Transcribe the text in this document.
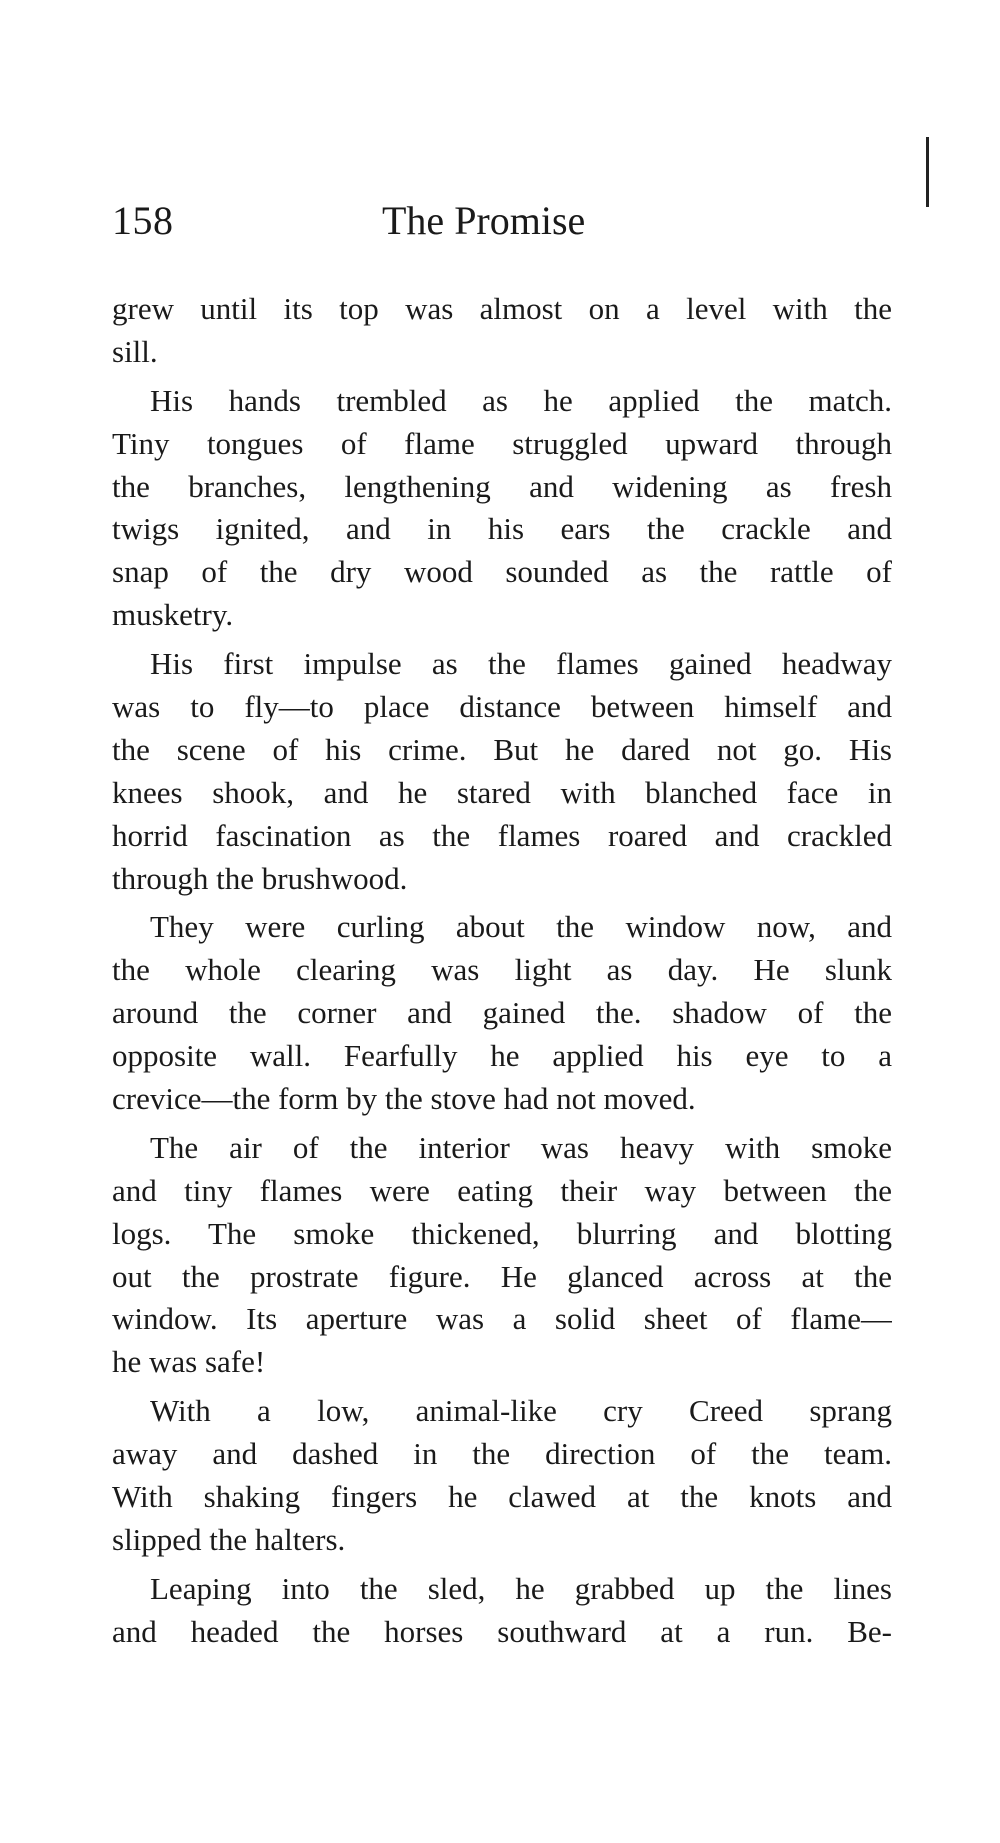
158	The Promise
grew until its top was almost on a level with the
sill.
His hands trembled as he applied the match.
Tiny tongues of flame struggled upward through
the branches, lengthening and widening as fresh
twigs ignited, and in his ears the crackle and
snap of the dry wood sounded as the rattle of
musketry.
His first impulse as the flames gained headway
was to fly—to place distance between himself and
the scene of his crime. But he dared not go. His
knees shook, and he stared with blanched face in
horrid fascination as the flames roared and crackled
through the brushwood.
They were curling about the window now, and
the whole clearing was light as day. He slunk
around the corner and gained the. shadow of the
opposite wall. Fearfully he applied his eye to a
crevice—the form by the stove had not moved.
The air of the interior was heavy with smoke
and tiny flames were eating their way between the
logs. The smoke thickened, blurring and blotting
out the prostrate figure. He glanced across at the
window. Its aperture was a solid sheet of flame—
he was safe!
With a low, animal-like cry Creed sprang
away and dashed in the direction of the team.
With shaking fingers he clawed at the knots and
slipped the halters.
Leaping into the sled, he grabbed up the lines
and headed the horses southward at a run. Be-
